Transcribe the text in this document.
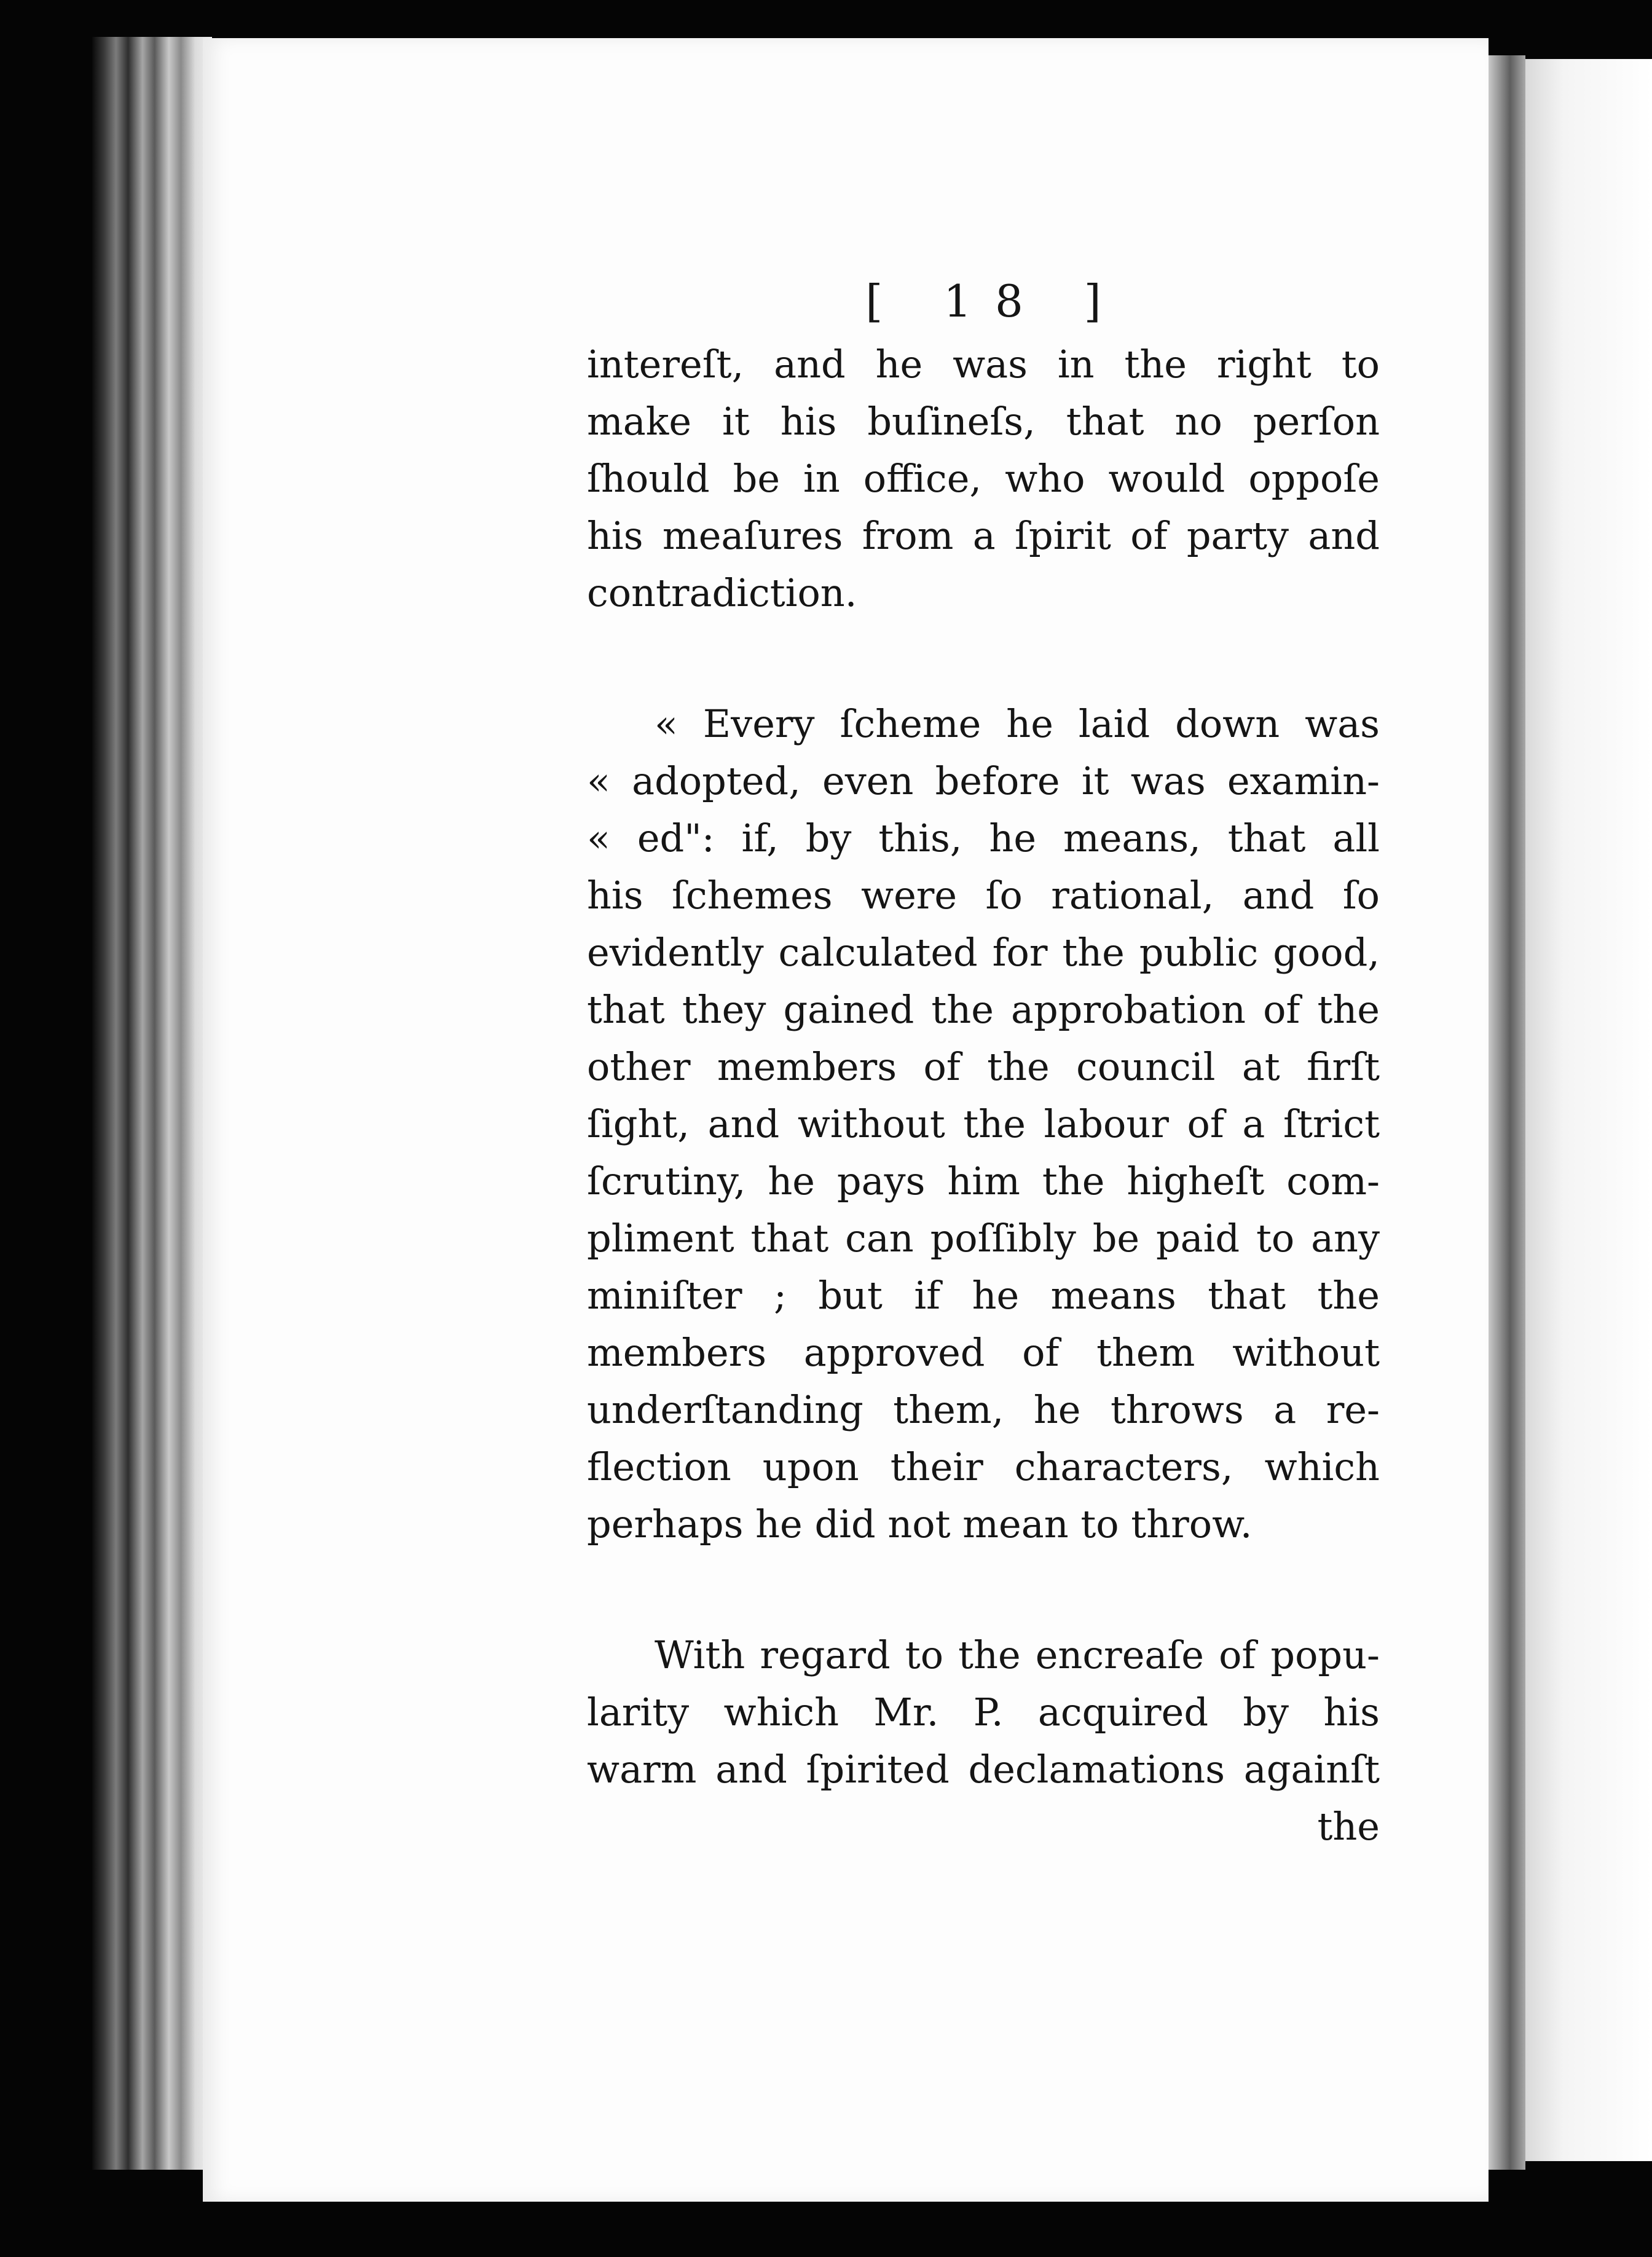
[ 18 ]

intereſt, and he was in the right to
make it his buſineſs, that no perſon
ſhould be in office, who would oppoſe
his meaſures from a ſpirit of party and
contradiction.

« Every ſcheme he laid down was
« adopted, even before it was examin-
« ed": if, by this, he means, that all
his ſchemes were ſo rational, and ſo
evidently calculated for the public good,
that they gained the approbation of the
other members of the council at firſt
ſight, and without the labour of a ſtrict
ſcrutiny, he pays him the higheſt com-
pliment that can poſſibly be paid to any
miniſter ; but if he means that the
members approved of them without
underſtanding them, he throws a re-
flection upon their characters, which
perhaps he did not mean to throw.

With regard to the encreaſe of popu-
larity which Mr. P. acquired by his
warm and ſpirited declamations againſt
the
